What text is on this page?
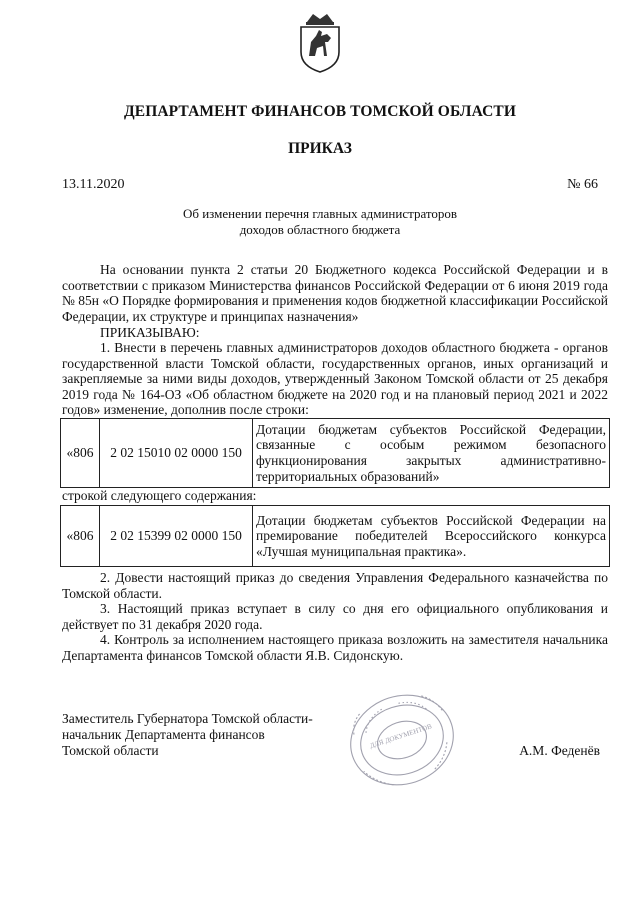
ДЕПАРТАМЕНТ ФИНАНСОВ ТОМСКОЙ ОБЛАСТИ
ПРИКАЗ
13.11.2020	№ 66
Об изменении перечня главных администраторов
доходов областного бюджета

На основании пункта 2 статьи 20 Бюджетного кодекса Российской Федерации и в соответствии с приказом Министерства финансов Российской Федерации от 6 июня 2019 года № 85н «О Порядке формирования и применения кодов бюджетной классификации Российской Федерации, их структуре и принципах назначения»

ПРИКАЗЫВАЮ:

1. Внести в перечень главных администраторов доходов областного бюджета - органов государственной власти Томской области, государственных органов, иных организаций и закрепляемые за ними виды доходов, утвержденный Законом Томской области от 25 декабря 2019 года № 164-ОЗ «Об областном бюджете на 2020 год и на плановый период 2021 и 2022 годов» изменение, дополнив после строки:

«806	2 02 15010 02 0000 150	Дотации бюджетам субъектов Российской Федерации, связанные с особым режимом безопасного функционирования закрытых административно-территориальных образований»
строкой следующего содержания:
«806	2 02 15399 02 0000 150	Дотации бюджетам субъектов Российской Федерации на премирование победителей Всероссийского конкурса «Лучшая муниципальная практика».

2. Довести настоящий приказ до сведения Управления Федерального казначейства по Томской области.

3. Настоящий приказ вступает в силу со дня его официального опубликования и действует по 31 декабря 2020 года.

4. Контроль за исполнением настоящего приказа возложить на заместителя начальника Департамента финансов Томской области Я.В. Сидонскую.

Заместитель Губернатора Томской области-
начальник Департамента финансов
Томской области
ДЛЯ ДОКУМЕНТОВ
А.М. Феденёв
